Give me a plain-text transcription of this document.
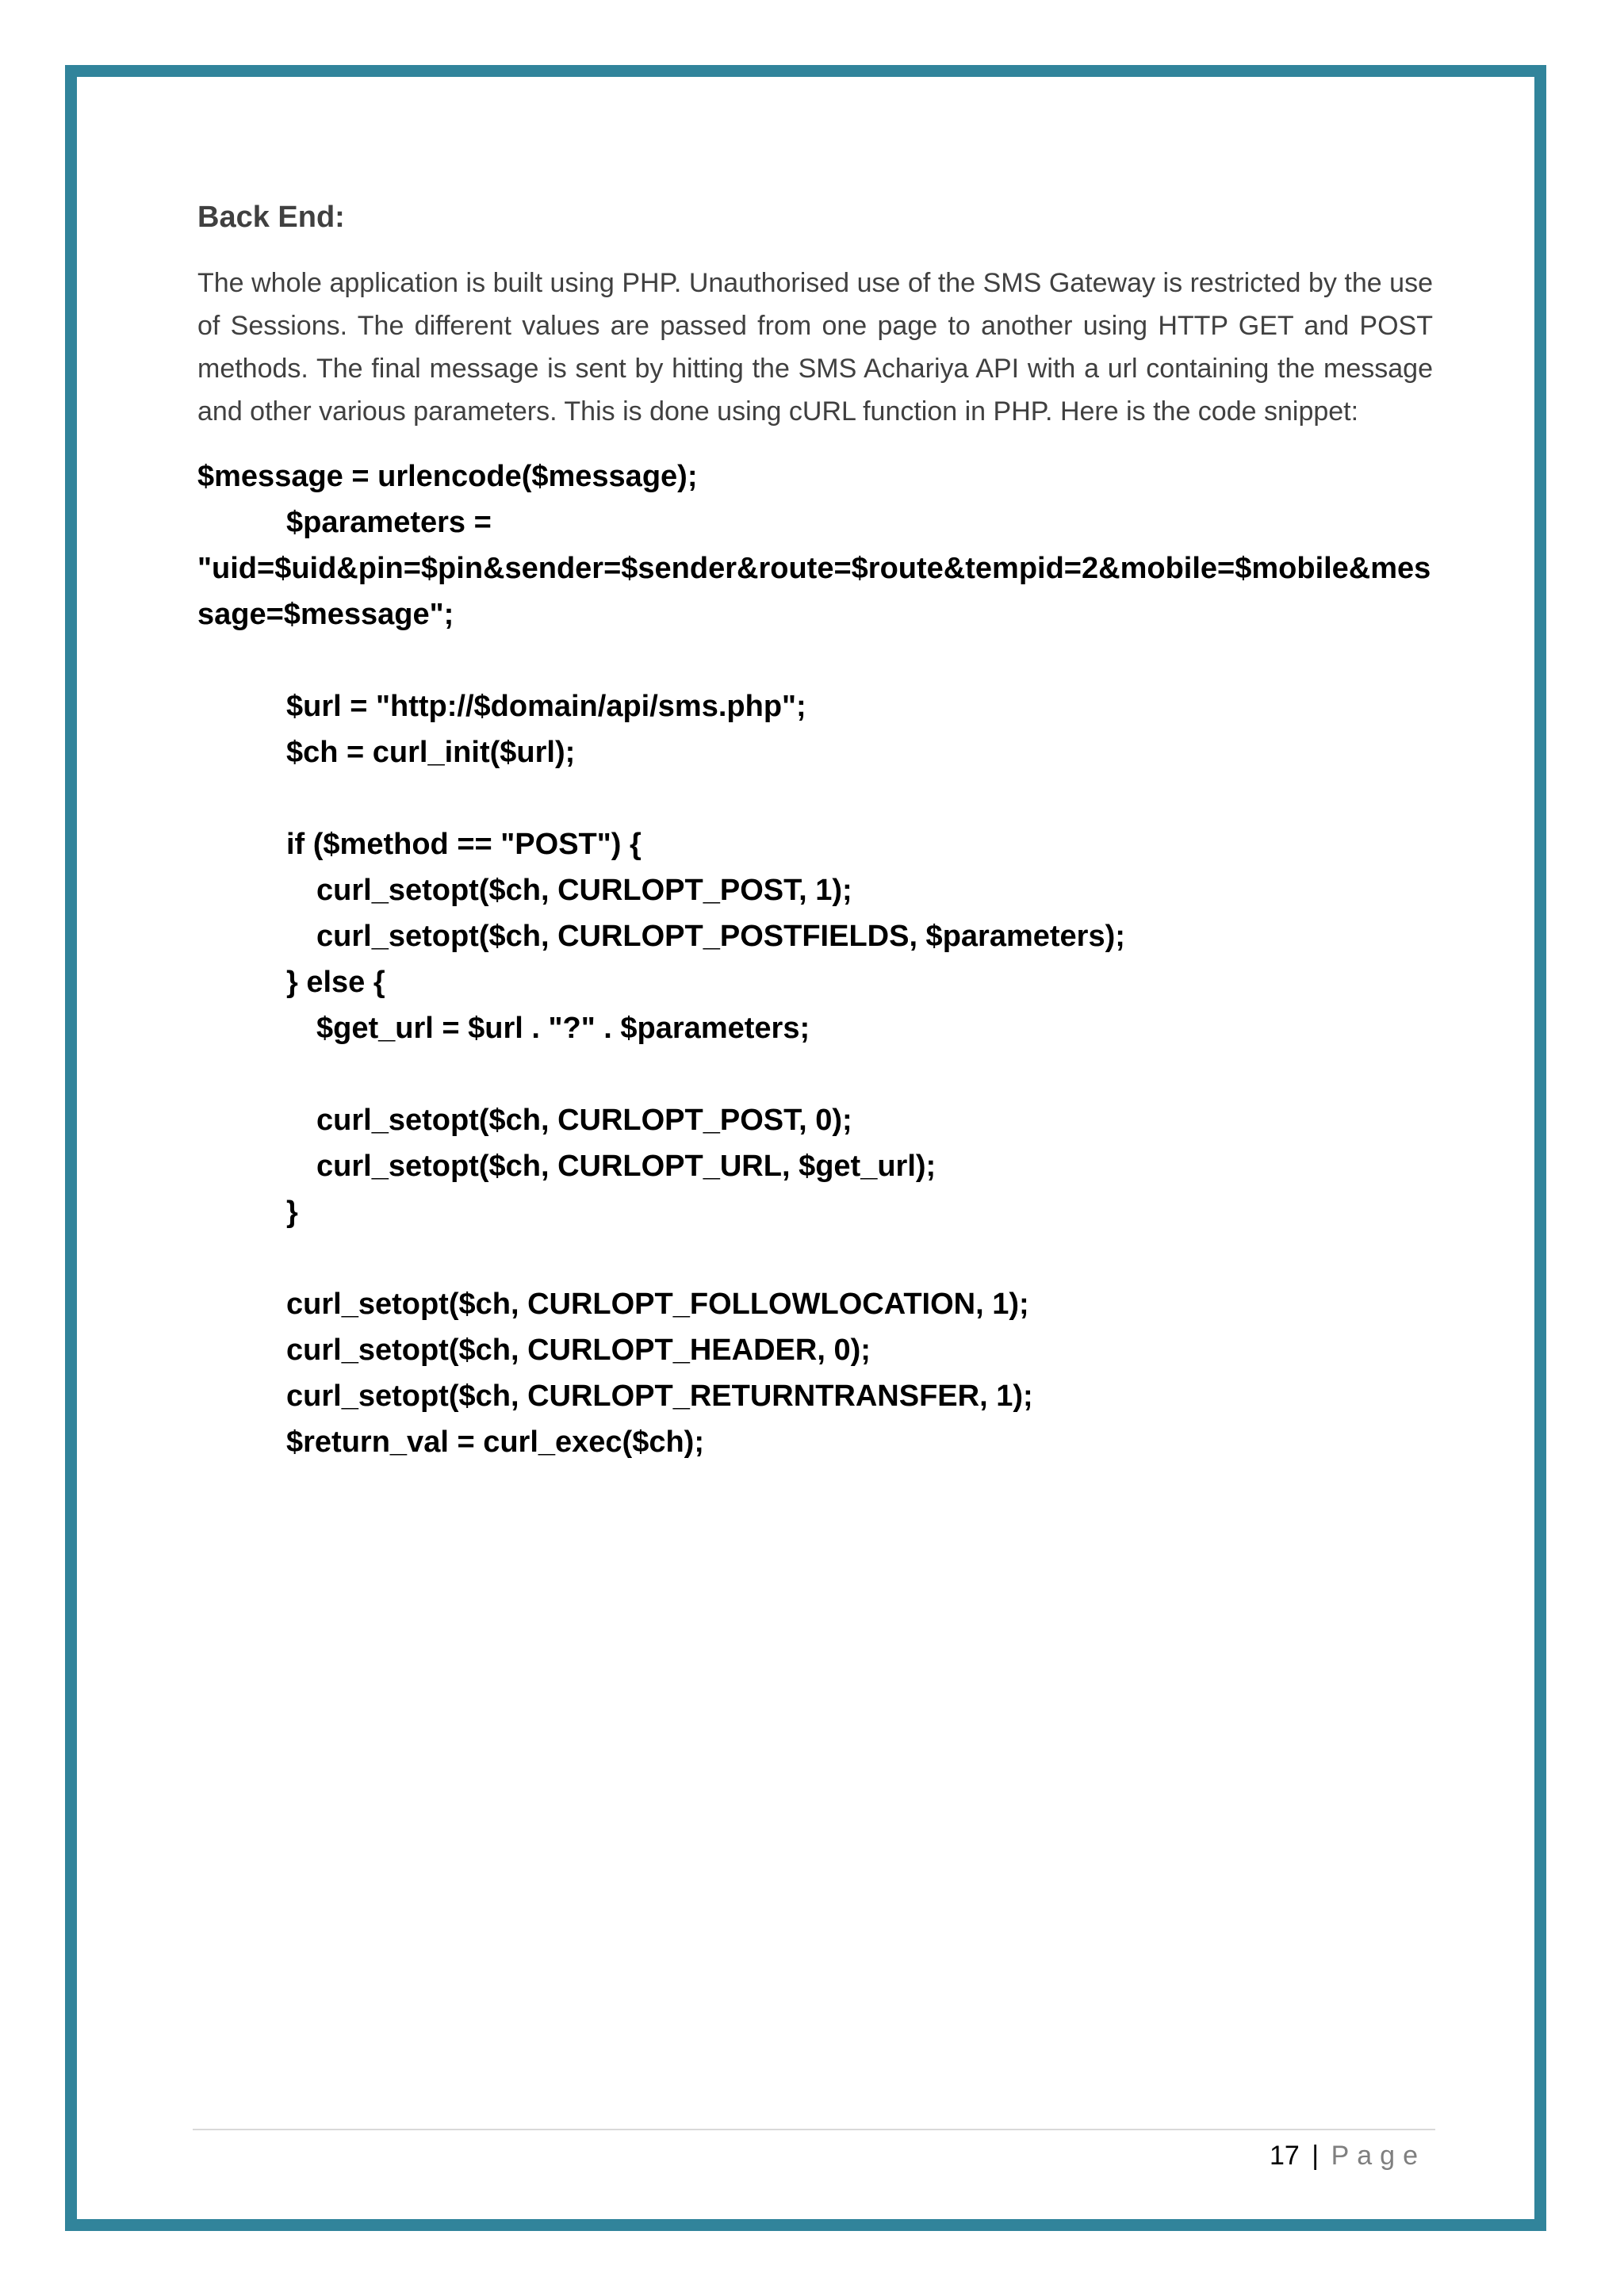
Back End:

The whole application is built using PHP. Unauthorised use of the SMS Gateway is restricted by the use of Sessions. The different values are passed from one page to another using HTTP GET and POST methods. The final message is sent by hitting the SMS Achariya API with a url containing the message and other various parameters. This is done using cURL function in PHP. Here is the code snippet:

$message = urlencode($message);
$parameters =
"uid=$uid&pin=$pin&sender=$sender&route=$route&tempid=2&mobile=$mobile&message=$message";
$url = "http://$domain/api/sms.php";
$ch = curl_init($url);
if ($method == "POST") {
curl_setopt($ch, CURLOPT_POST, 1);
curl_setopt($ch, CURLOPT_POSTFIELDS, $parameters);
} else {
$get_url = $url . "?" . $parameters;
curl_setopt($ch, CURLOPT_POST, 0);
curl_setopt($ch, CURLOPT_URL, $get_url);
}
curl_setopt($ch, CURLOPT_FOLLOWLOCATION, 1);
curl_setopt($ch, CURLOPT_HEADER, 0);
curl_setopt($ch, CURLOPT_RETURNTRANSFER, 1);
$return_val = curl_exec($ch);
17 | Page
